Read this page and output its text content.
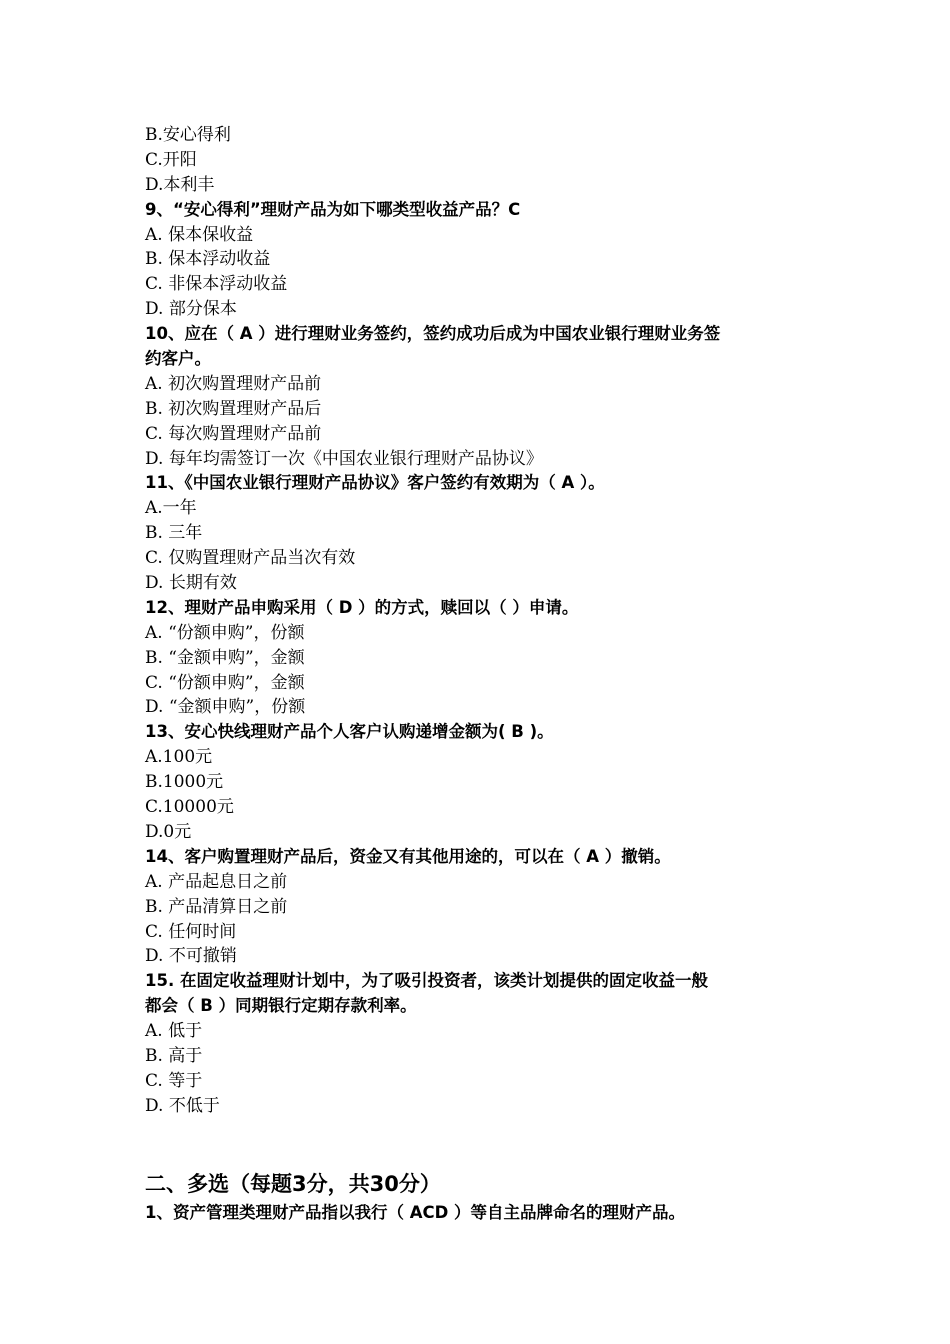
B.安心得利
C.开阳
D.本利丰
9、“安心得利”理财产品为如下哪类型收益产品？C
A. 保本保收益
B. 保本浮动收益
C. 非保本浮动收益
D. 部分保本
10、应在（ A ）进行理财业务签约，签约成功后成为中国农业银行理财业务签
约客户。
A. 初次购置理财产品前
B. 初次购置理财产品后
C. 每次购置理财产品前
D. 每年均需签订一次《中国农业银行理财产品协议》
11、《中国农业银行理财产品协议》客户签约有效期为（ A ）。
A.一年
B. 三年
C. 仅购置理财产品当次有效
D. 长期有效
12、理财产品申购采用（ D ）的方式，赎回以（ ）申请。
A. “份额申购”，份额
B. “金额申购”，金额
C. “份额申购”，金额
D. “金额申购”，份额
13、安心快线理财产品个人客户认购递增金额为( B )。
A.100元
B.1000元
C.10000元
D.0元
14、客户购置理财产品后，资金又有其他用途的，可以在（ A ）撤销。
A. 产品起息日之前
B. 产品清算日之前
C. 任何时间
D. 不可撤销
15. 在固定收益理财计划中，为了吸引投资者，该类计划提供的固定收益一般
都会（ B ）同期银行定期存款利率。
A. 低于
B. 高于
C. 等于
D. 不低于
二、多选（每题3分，共30分）
1、资产管理类理财产品指以我行（ ACD ）等自主品牌命名的理财产品。
